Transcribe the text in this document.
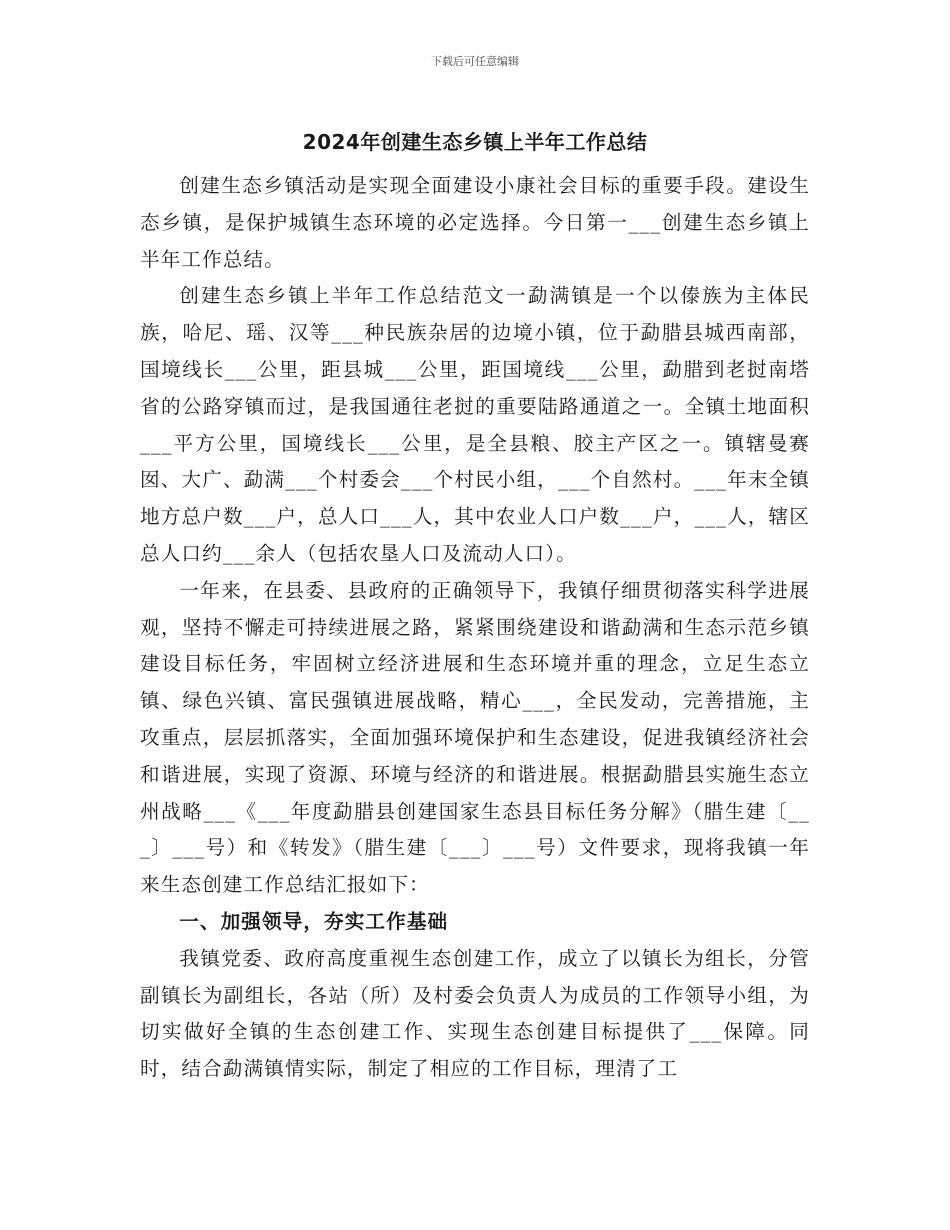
下载后可任意编辑
2024年创建生态乡镇上半年工作总结

创建生态乡镇活动是实现全面建设小康社会目标的重要手段。建设生态乡镇，是保护城镇生态环境的必定选择。今日第一___创建生态乡镇上半年工作总结。

创建生态乡镇上半年工作总结范文一勐满镇是一个以傣族为主体民族，哈尼、瑶、汉等___种民族杂居的边境小镇，位于勐腊县城西南部，国境线长___公里，距县城___公里，距国境线___公里，勐腊到老挝南塔省的公路穿镇而过，是我国通往老挝的重要陆路通道之一。全镇土地面积___平方公里，国境线长___公里，是全县粮、胶主产区之一。镇辖曼赛囡、大广、勐满___个村委会___个村民小组，___个自然村。___年末全镇地方总户数___户，总人口___人，其中农业人口户数___户，___人，辖区总人口约___余人（包括农垦人口及流动人口）。

一年来，在县委、县政府的正确领导下，我镇仔细贯彻落实科学进展观，坚持不懈走可持续进展之路，紧紧围绕建设和谐勐满和生态示范乡镇建设目标任务，牢固树立经济进展和生态环境并重的理念，立足生态立镇、绿色兴镇、富民强镇进展战略，精心___，全民发动，完善措施，主攻重点，层层抓落实，全面加强环境保护和生态建设，促进我镇经济社会和谐进展，实现了资源、环境与经济的和谐进展。根据勐腊县实施生态立州战略___《___年度勐腊县创建国家生态县目标任务分解》（腊生建〔___〕___号）和《转发》（腊生建〔___〕___号）文件要求，现将我镇一年来生态创建工作总结汇报如下：

一、加强领导，夯实工作基础

我镇党委、政府高度重视生态创建工作，成立了以镇长为组长，分管副镇长为副组长，各站（所）及村委会负责人为成员的工作领导小组，为切实做好全镇的生态创建工作、实现生态创建目标提供了___保障。同时，结合勐满镇情实际，制定了相应的工作目标，理清了工
